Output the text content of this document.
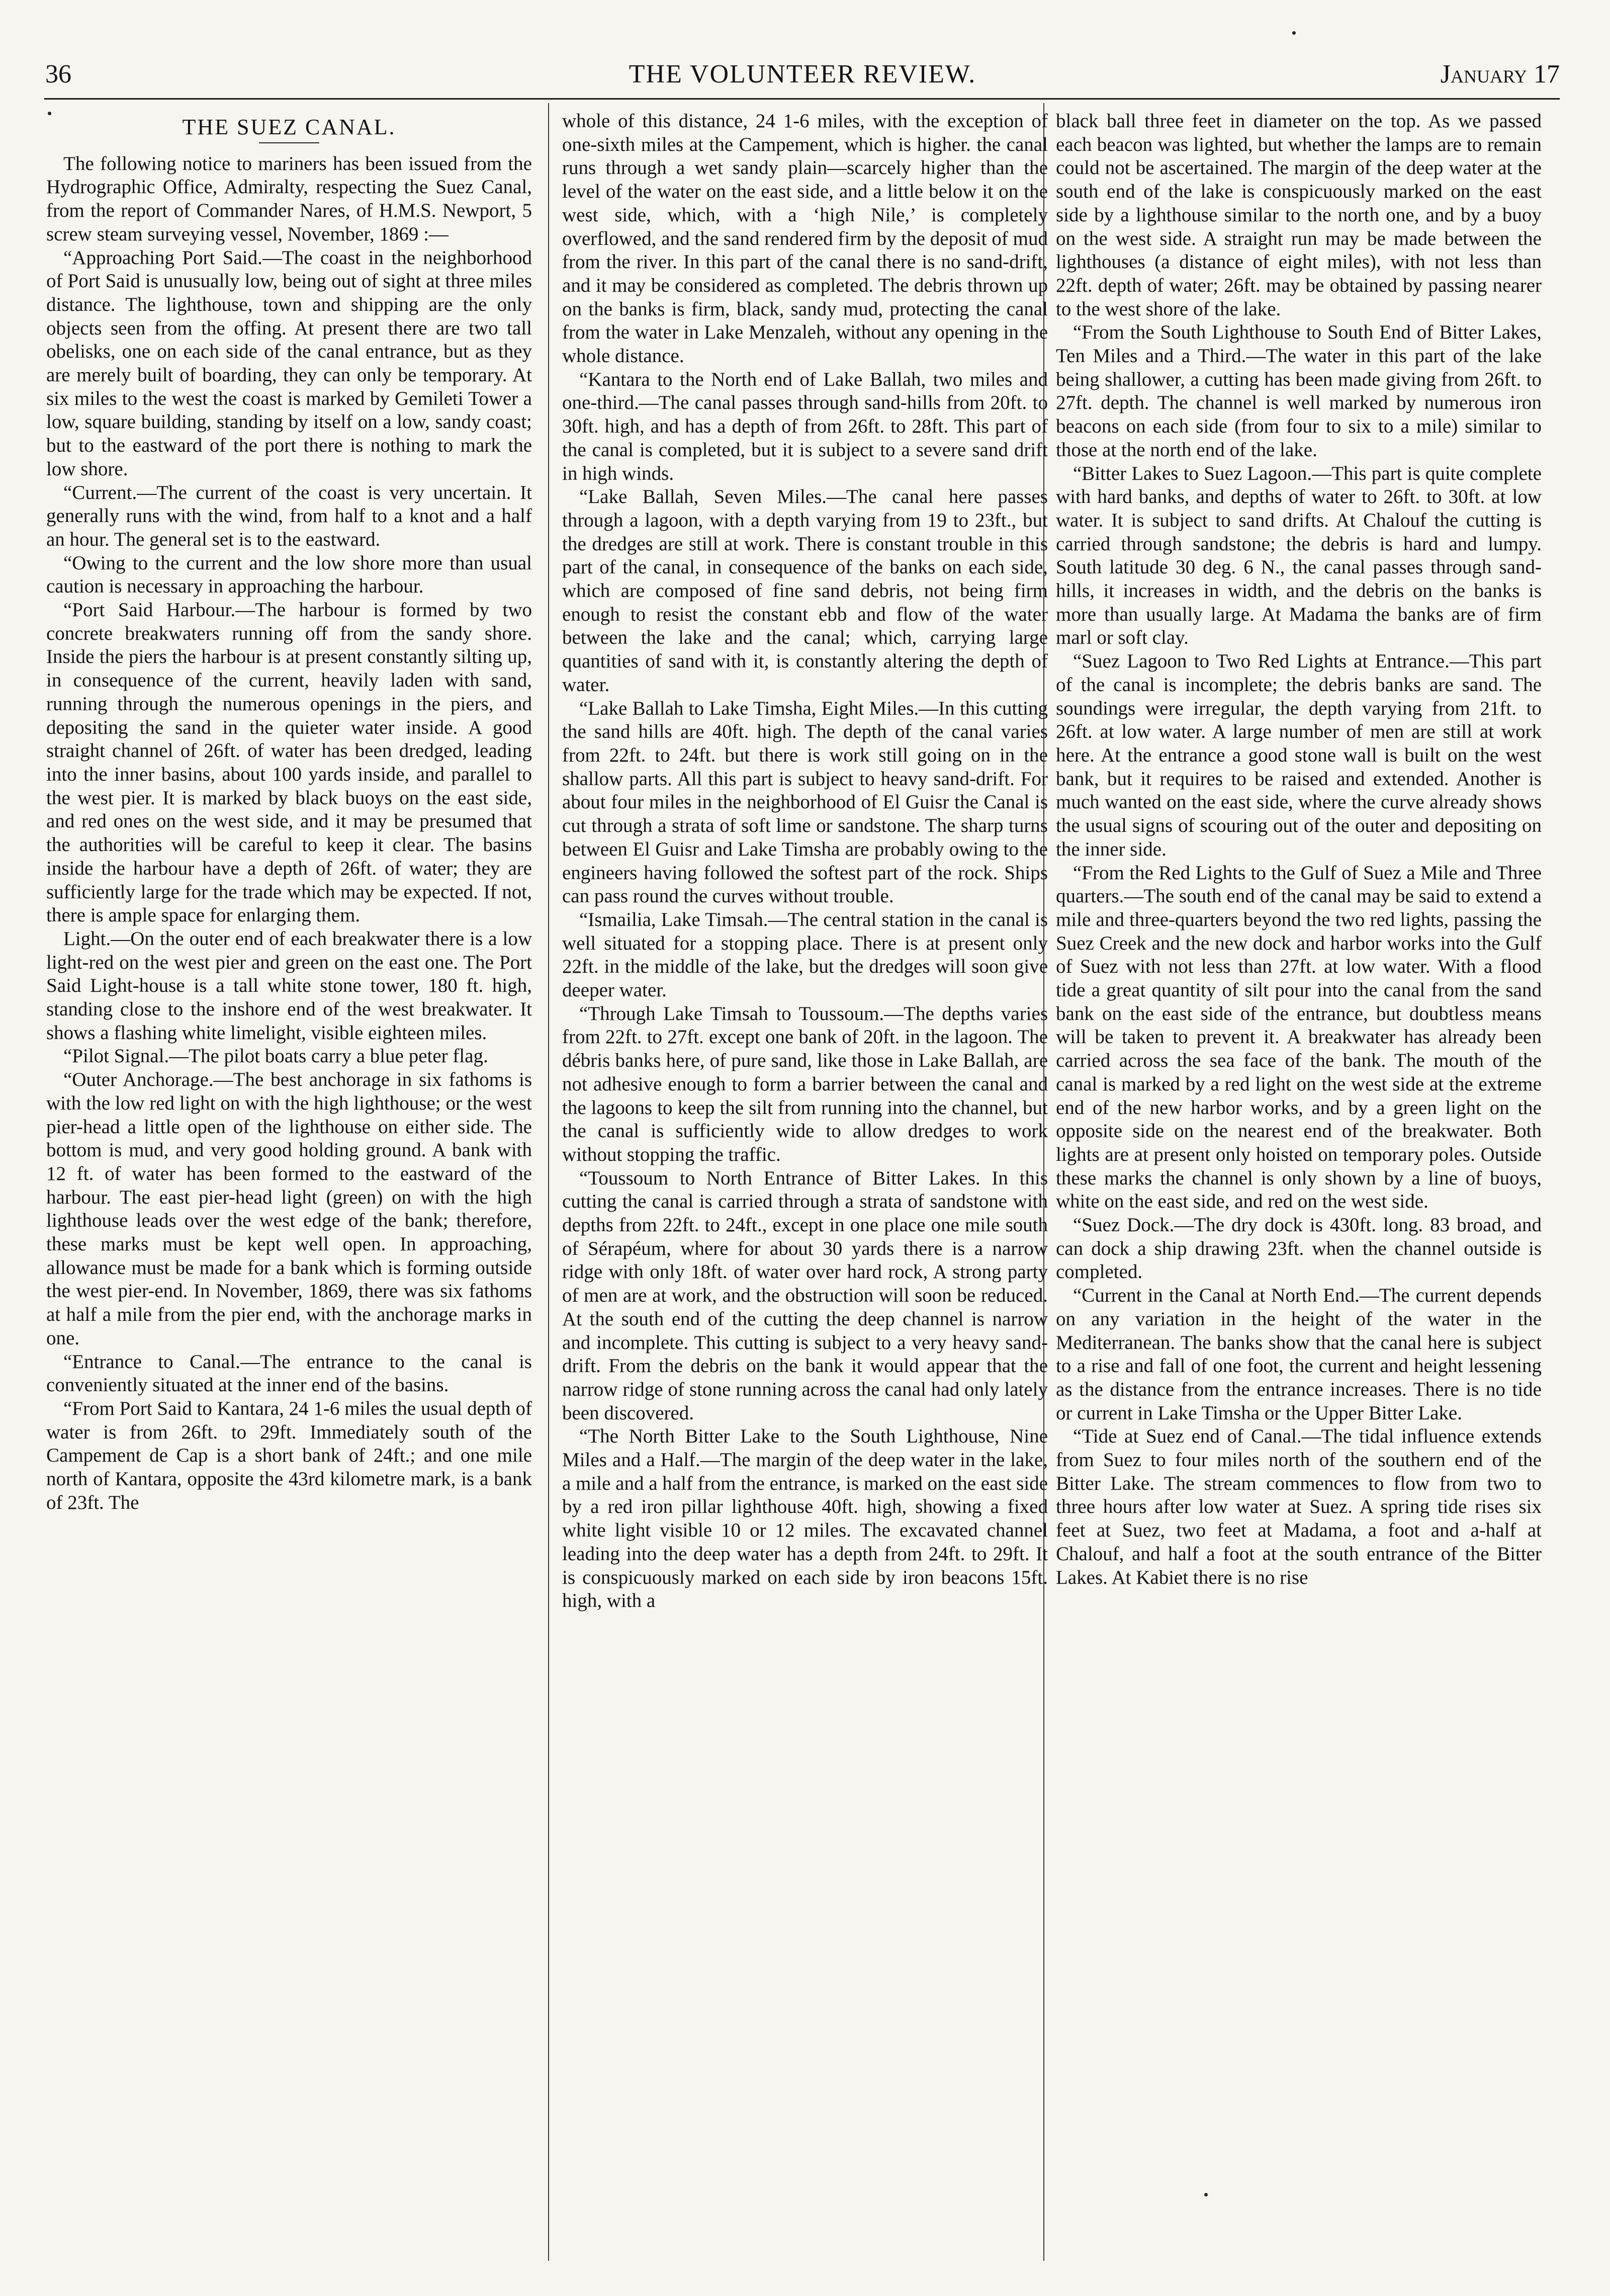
36	THE VOLUNTEER REVIEW.	January 17
THE SUEZ CANAL.

The following notice to mariners has been issued from the Hydrographic Office, Admiralty, respecting the Suez Canal, from the report of Commander Nares, of H.M.S. Newport, 5 screw steam surveying vessel, November, 1869 :—

“Approaching Port Said.—The coast in the neighborhood of Port Said is unusually low, being out of sight at three miles distance. The lighthouse, town and shipping are the only objects seen from the offing. At present there are two tall obelisks, one on each side of the canal entrance, but as they are merely built of boarding, they can only be temporary. At six miles to the west the coast is marked by Gemileti Tower a low, square building, standing by itself on a low, sandy coast; but to the eastward of the port there is nothing to mark the low shore.

“Current.—The current of the coast is very uncertain. It generally runs with the wind, from half to a knot and a half an hour. The general set is to the eastward.

“Owing to the current and the low shore more than usual caution is necessary in approaching the harbour.

“Port Said Harbour.—The harbour is formed by two concrete breakwaters running off from the sandy shore. Inside the piers the harbour is at present constantly silting up, in consequence of the current, heavily laden with sand, running through the numerous openings in the piers, and depositing the sand in the quieter water inside. A good straight channel of 26ft. of water has been dredged, leading into the inner basins, about 100 yards inside, and parallel to the west pier. It is marked by black buoys on the east side, and red ones on the west side, and it may be presumed that the authorities will be careful to keep it clear. The basins inside the harbour have a depth of 26ft. of water; they are sufficiently large for the trade which may be expected. If not, there is ample space for enlarging them.

Light.—On the outer end of each breakwater there is a low light-red on the west pier and green on the east one. The Port Said Light-house is a tall white stone tower, 180 ft. high, standing close to the inshore end of the west breakwater. It shows a flashing white limelight, visible eighteen miles.

“Pilot Signal.—The pilot boats carry a blue peter flag.

“Outer Anchorage.—The best anchorage in six fathoms is with the low red light on with the high lighthouse; or the west pier-head a little open of the lighthouse on either side. The bottom is mud, and very good holding ground. A bank with 12 ft. of water has been formed to the eastward of the harbour. The east pier-head light (green) on with the high lighthouse leads over the west edge of the bank; therefore, these marks must be kept well open. In approaching, allowance must be made for a bank which is forming outside the west pier-end. In November, 1869, there was six fathoms at half a mile from the pier end, with the anchorage marks in one.

“Entrance to Canal.—The entrance to the canal is conveniently situated at the inner end of the basins.

“From Port Said to Kantara, 24 1-6 miles the usual depth of water is from 26ft. to 29ft. Immediately south of the Campement de Cap is a short bank of 24ft.; and one mile north of Kantara, opposite the 43rd kilometre mark, is a bank of 23ft. The

whole of this distance, 24 1-6 miles, with the exception of one-sixth miles at the Campement, which is higher. the canal runs through a wet sandy plain—scarcely higher than the level of the water on the east side, and a little below it on the west side, which, with a ‘high Nile,’ is completely overflowed, and the sand rendered firm by the deposit of mud from the river. In this part of the canal there is no sand-drift, and it may be considered as completed. The debris thrown up on the banks is firm, black, sandy mud, protecting the canal from the water in Lake Menzaleh, without any opening in the whole distance.

“Kantara to the North end of Lake Ballah, two miles and one-third.—The canal passes through sand-hills from 20ft. to 30ft. high, and has a depth of from 26ft. to 28ft. This part of the canal is completed, but it is subject to a severe sand drift in high winds.

“Lake Ballah, Seven Miles.—The canal here passes through a lagoon, with a depth varying from 19 to 23ft., but the dredges are still at work. There is constant trouble in this part of the canal, in consequence of the banks on each side, which are composed of fine sand debris, not being firm enough to resist the constant ebb and flow of the water between the lake and the canal; which, carrying large quantities of sand with it, is constantly altering the depth of water.

“Lake Ballah to Lake Timsha, Eight Miles.—In this cutting the sand hills are 40ft. high. The depth of the canal varies from 22ft. to 24ft. but there is work still going on in the shallow parts. All this part is subject to heavy sand-drift. For about four miles in the neighborhood of El Guisr the Canal is cut through a strata of soft lime or sandstone. The sharp turns between El Guisr and Lake Timsha are probably owing to the engineers having followed the softest part of the rock. Ships can pass round the curves without trouble.

“Ismailia, Lake Timsah.—The central station in the canal is well situated for a stopping place. There is at present only 22ft. in the middle of the lake, but the dredges will soon give deeper water.

“Through Lake Timsah to Toussoum.—The depths varies from 22ft. to 27ft. except one bank of 20ft. in the lagoon. The débris banks here, of pure sand, like those in Lake Ballah, are not adhesive enough to form a barrier between the canal and the lagoons to keep the silt from running into the channel, but the canal is sufficiently wide to allow dredges to work without stopping the traffic.

“Toussoum to North Entrance of Bitter Lakes. In this cutting the canal is carried through a strata of sandstone with depths from 22ft. to 24ft., except in one place one mile south of Sérapéum, where for about 30 yards there is a narrow ridge with only 18ft. of water over hard rock, A strong party of men are at work, and the obstruction will soon be reduced. At the south end of the cutting the deep channel is narrow and incomplete. This cutting is subject to a very heavy sand-drift. From the debris on the bank it would appear that the narrow ridge of stone running across the canal had only lately been discovered.

“The North Bitter Lake to the South Lighthouse, Nine Miles and a Half.—The margin of the deep water in the lake, a mile and a half from the entrance, is marked on the east side by a red iron pillar lighthouse 40ft. high, showing a fixed white light visible 10 or 12 miles. The excavated channel leading into the deep water has a depth from 24ft. to 29ft. It is conspicuously marked on each side by iron beacons 15ft. high, with a

black ball three feet in diameter on the top. As we passed each beacon was lighted, but whether the lamps are to remain could not be ascertained. The margin of the deep water at the south end of the lake is conspicuously marked on the east side by a lighthouse similar to the north one, and by a buoy on the west side. A straight run may be made between the lighthouses (a distance of eight miles), with not less than 22ft. depth of water; 26ft. may be obtained by passing nearer to the west shore of the lake.

“From the South Lighthouse to South End of Bitter Lakes, Ten Miles and a Third.—The water in this part of the lake being shallower, a cutting has been made giving from 26ft. to 27ft. depth. The channel is well marked by numerous iron beacons on each side (from four to six to a mile) similar to those at the north end of the lake.

“Bitter Lakes to Suez Lagoon.—This part is quite complete with hard banks, and depths of water to 26ft. to 30ft. at low water. It is subject to sand drifts. At Chalouf the cutting is carried through sandstone; the debris is hard and lumpy. South latitude 30 deg. 6 N., the canal passes through sand-hills, it increases in width, and the debris on the banks is more than usually large. At Madama the banks are of firm marl or soft clay.

“Suez Lagoon to Two Red Lights at Entrance.—This part of the canal is incomplete; the debris banks are sand. The soundings were irregular, the depth varying from 21ft. to 26ft. at low water. A large number of men are still at work here. At the entrance a good stone wall is built on the west bank, but it requires to be raised and extended. Another is much wanted on the east side, where the curve already shows the usual signs of scouring out of the outer and depositing on the inner side.

“From the Red Lights to the Gulf of Suez a Mile and Three quarters.—The south end of the canal may be said to extend a mile and three-quarters beyond the two red lights, passing the Suez Creek and the new dock and harbor works into the Gulf of Suez with not less than 27ft. at low water. With a flood tide a great quantity of silt pour into the canal from the sand bank on the east side of the entrance, but doubtless means will be taken to prevent it. A breakwater has already been carried across the sea face of the bank. The mouth of the canal is marked by a red light on the west side at the extreme end of the new harbor works, and by a green light on the opposite side on the nearest end of the breakwater. Both lights are at present only hoisted on temporary poles. Outside these marks the channel is only shown by a line of buoys, white on the east side, and red on the west side.

“Suez Dock.—The dry dock is 430ft. long. 83 broad, and can dock a ship drawing 23ft. when the channel outside is completed.

“Current in the Canal at North End.—The current depends on any variation in the height of the water in the Mediterranean. The banks show that the canal here is subject to a rise and fall of one foot, the current and height lessening as the distance from the entrance increases. There is no tide or current in Lake Timsha or the Upper Bitter Lake.

“Tide at Suez end of Canal.—The tidal influence extends from Suez to four miles north of the southern end of the Bitter Lake. The stream commences to flow from two to three hours after low water at Suez. A spring tide rises six feet at Suez, two feet at Madama, a foot and a-half at Chalouf, and half a foot at the south entrance of the Bitter Lakes. At Kabiet there is no rise
